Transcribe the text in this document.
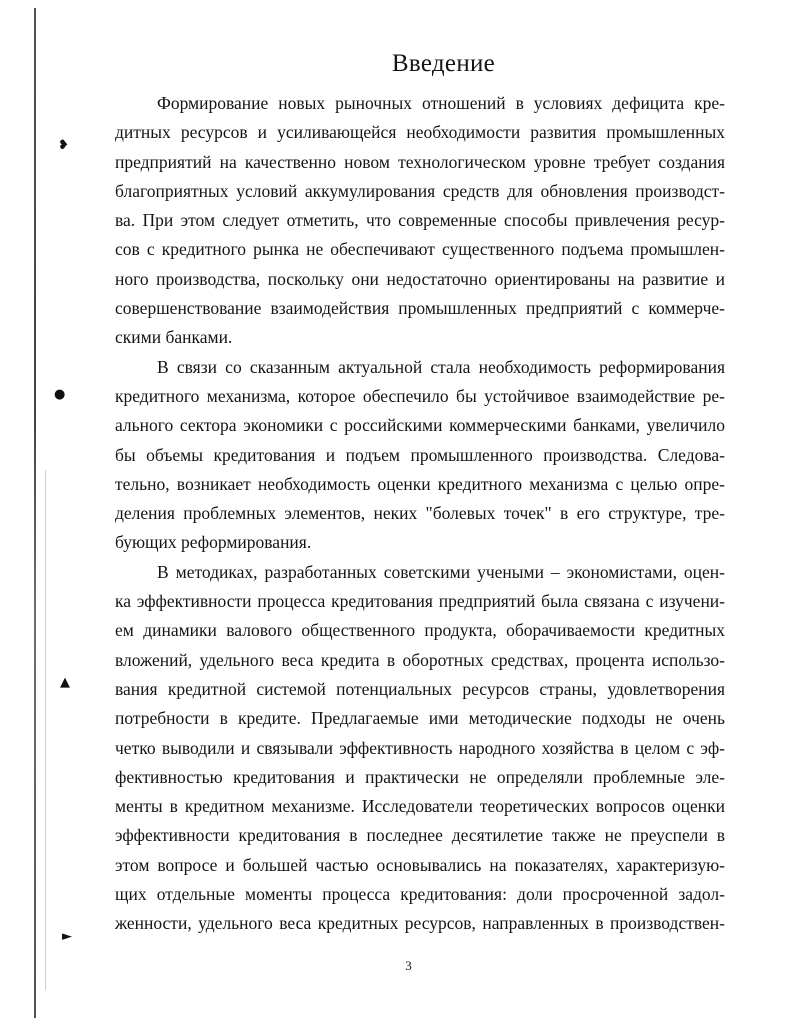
❥
●
▲
►
Введение
Формирование новых рыночных отношений в условиях дефицита кре-
дитных ресурсов и усиливающейся необходимости развития промышленных
предприятий на качественно новом технологическом уровне требует создания
благоприятных условий аккумулирования средств для обновления производст-
ва. При этом следует отметить, что современные способы привлечения ресур-
сов с кредитного рынка не обеспечивают существенного подъема промышлен-
ного производства, поскольку они недостаточно ориентированы на развитие и
совершенствование взаимодействия промышленных предприятий с коммерче-
скими банками.
В связи со сказанным актуальной стала необходимость реформирования
кредитного механизма, которое обеспечило бы устойчивое взаимодействие ре-
ального сектора экономики с российскими коммерческими банками, увеличило
бы объемы кредитования и подъем промышленного производства. Следова-
тельно, возникает необходимость оценки кредитного механизма с целью опре-
деления проблемных элементов, неких "болевых точек" в его структуре, тре-
бующих реформирования.
В методиках, разработанных советскими учеными – экономистами, оцен-
ка эффективности процесса кредитования предприятий была связана с изучени-
ем динамики валового общественного продукта, оборачиваемости кредитных
вложений, удельного веса кредита в оборотных средствах, процента использо-
вания кредитной системой потенциальных ресурсов страны, удовлетворения
потребности в кредите. Предлагаемые ими методические подходы не очень
четко выводили и связывали эффективность народного хозяйства в целом с эф-
фективностью кредитования и практически не определяли проблемные эле-
менты в кредитном механизме. Исследователи теоретических вопросов оценки
эффективности кредитования в последнее десятилетие также не преуспели в
этом вопросе и большей частью основывались на показателях, характеризую-
щих отдельные моменты процесса кредитования: доли просроченной задол-
женности, удельного веса кредитных ресурсов, направленных в производствен-
3
